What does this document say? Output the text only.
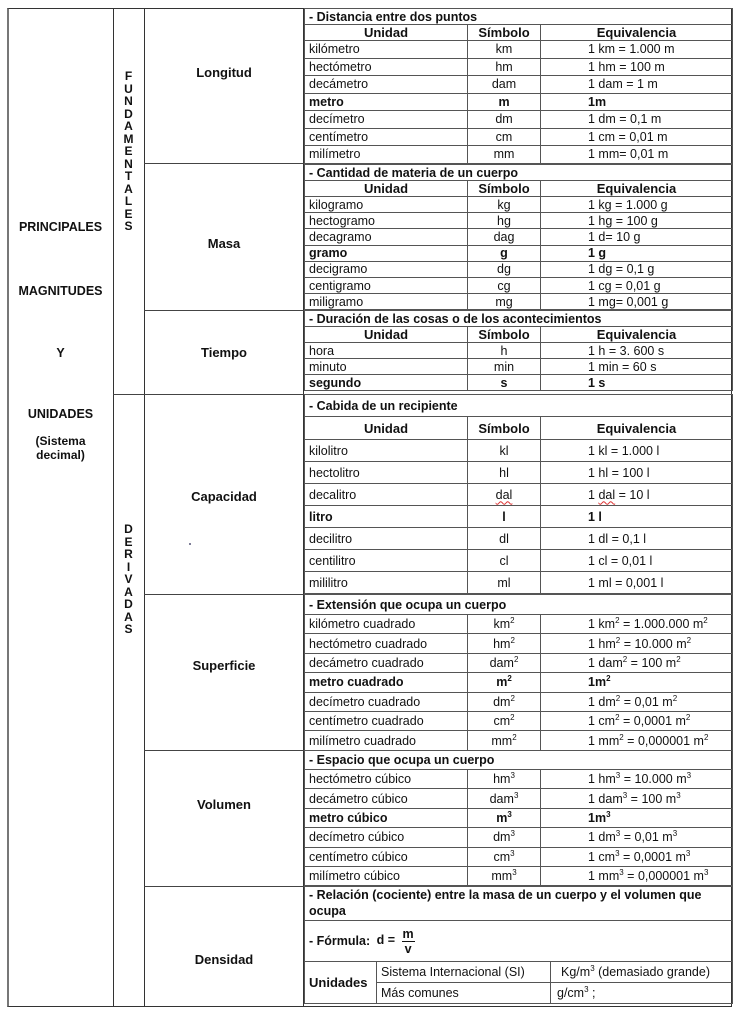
PRINCIPALES
MAGNITUDES
Y
UNIDADES
(Sistema
decimal)
F
U
N
D
A
M
E
N
T
A
L
E
S
D
E
R
I
V
A
D
A
S
Longitud
Masa
Tiempo
Capacidad
Superficie
Volumen
Densidad
- Distancia entre dos puntos		
Unidad	Símbolo	Equivalencia
kilómetro	km	1 km = 1.000 m
hectómetro	hm	1 hm = 100 m
decámetro	dam	1 dam = 1 m
metro	m	1m
decímetro	dm	1 dm = 0,1 m
centímetro	cm	1 cm = 0,01 m
milímetro	mm	1 mm= 0,01 m
- Cantidad de materia de un cuerpo		
Unidad	Símbolo	Equivalencia
kilogramo	kg	1 kg = 1.000 g
hectogramo	hg	1 hg = 100 g
decagramo	dag	1 d= 10 g
gramo	g	1 g
decigramo	dg	1 dg = 0,1 g
centigramo	cg	1 cg = 0,01 g
miligramo	mg	1 mg= 0,001 g
- Duración de las cosas o de los acontecimientos		
Unidad	Símbolo	Equivalencia
hora	h	1 h = 3. 600 s
minuto	min	1 min = 60 s
segundo	s	1 s
- Cabida de un recipiente		
Unidad	Símbolo	Equivalencia
kilolitro	kl	1 kl = 1.000 l
hectolitro	hl	1 hl = 100 l
decalitro	dal	1 dal = 10 l
litro	l	1 l
decilitro	dl	1 dl = 0,1 l
centilitro	cl	1 cl = 0,01 l
mililitro	ml	1 ml = 0,001 l
- Extensión que ocupa un cuerpo		
kilómetro cuadrado	$km^2$	1 $km^2 = 1.000.000$ $m^2$
hectómetro cuadrado	$hm^2$	1 $hm^2 = 10.000$ $m^2$
decámetro cuadrado	dam$^2$	1 dam$^2$ = 100 $m^2$
metro cuadrado	$m^2$	$1m^2$
decímetro cuadrado	$dm^2$	1 $dm^2 = 0,01$ $m^2$
centímetro cuadrado	$cm^2$	1 $cm^2 = 0,0001$ $m^2$
milímetro cuadrado	$mm^2$	1 $mm^2 = 0,000001$ $m^2$
- Espacio que ocupa un cuerpo		
hectómetro cúbico	$hm^3$	1 $hm^3 = 10.000$ $m^3$
decámetro cúbico	dam$^3$	1 dam$^3$ = 100 $m^3$
metro cúbico	$m^3$	$1m^3$
decímetro cúbico	$dm^3$	1 $dm^3 = 0,01$ $m^3$
centímetro cúbico	$cm^3$	1 $cm^3 = 0,0001$ $m^3$
milímetro cúbico	$mm^3$	1 $mm^3 = 0,000001$ $m^3$
- Relación (cociente) entre la masa de un cuerpo y el volumen que ocupa		
- Fórmula: $d = \frac{m}{v}$

Unidades	Sistema Internacional (SI)	$Kg/m^3$ (demasiado grande)
	Más comunes	$g/cm^3$ ;
